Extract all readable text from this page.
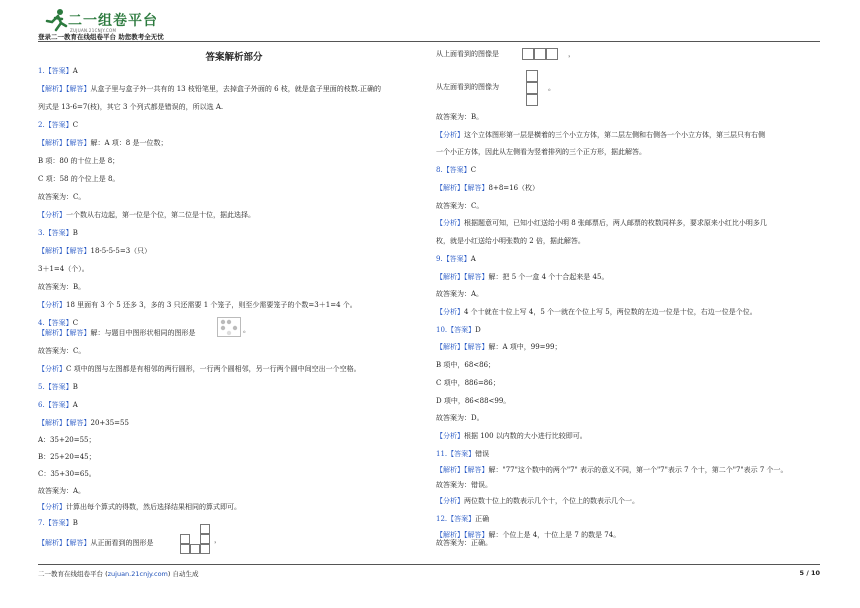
二一组卷平台
ZUJUAN.21CNJY.COM
登录二一教育在线组卷平台 助您教考全无忧
答案解析部分
1.【答案】A
【解析】【解答】从盒子里与盒子外一共有的 13 枝铅笔里，去掉盒子外面的 6 枝，就是盒子里面的枝数.正确的
列式是 13-6=7(枝)，其它 3 个列式都是错误的，所以选 A.
2.【答案】C
【解析】【解答】解：A 项：8 是一位数；
B 项：80 的十位上是 8；
C 项：58 的个位上是 8。
故答案为：C。
【分析】一个数从右边起，第一位是个位，第二位是十位，据此选择。
3.【答案】B
【解析】【解答】18-5-5-5=3（只）
3＋1=4（个）。
故答案为：B。
【分析】18 里面有 3 个 5 还多 3，多的 3 只还需要 1 个笼子，则至少需要笼子的个数=3＋1=4 个。
4.【答案】C
【解析】【解答】解：与题目中图形状相同的图形是
故答案为：C。
【分析】C 项中的图与左图都是有相邻的两行圆形，一行两个圆相邻，另一行两个圆中间空出一个空格。
5.【答案】B
6.【答案】A
【解析】【解答】20+35=55
A：35+20=55；
B：25+20=45；
C：35+30=65。
故答案为：A。
【分析】计算出每个算式的得数，然后选择结果相同的算式即可。
7.【答案】B
【解析】【解答】从正面看到的图形是
从上面看到的图像是
从左面看到的图像为
故答案为：B。
【分析】这个立体图形第一层是横着的三个小立方体，第二层左侧和右侧各一个小立方体，第三层只有右侧
一个小正方体，因此从左侧看为竖着排列的三个正方形，据此解答。
8.【答案】C
【解析】【解答】8+8=16（枚）
故答案为：C。
【分析】根据题意可知，已知小红送给小明 8 张邮票后，两人邮票的枚数同样多，要求原来小红比小明多几
枚，就是小红送给小明张数的 2 倍，据此解答。
9.【答案】A
【解析】【解答】解：把 5 个一盒 4 个十合起来是 45。
故答案为：A。
【分析】4 个十就在十位上写 4，5 个一就在个位上写 5，两位数的左边一位是十位，右边一位是个位。
10.【答案】D
【解析】【解答】解：A 项中，99=99；
B 项中，68<86；
C 项中，886=86；
D 项中，86<88<99。
故答案为：D。
【分析】根据 100 以内数的大小进行比较即可。
11.【答案】错误
【解析】【解答】解："77"这个数中的两个"7" 表示的意义不同，第一个"7"表示 7 个十，第二个"7"表示 7 个一。
故答案为：错误。
【分析】两位数十位上的数表示几个十，个位上的数表示几个一。
12.【答案】正确
【解析】【解答】解：个位上是 4，十位上是 7 的数是 74。
故答案为：正确。
。
，
，
。
二一教育在线组卷平台 (zujuan.21cnjy.com) 自动生成	5 / 10
